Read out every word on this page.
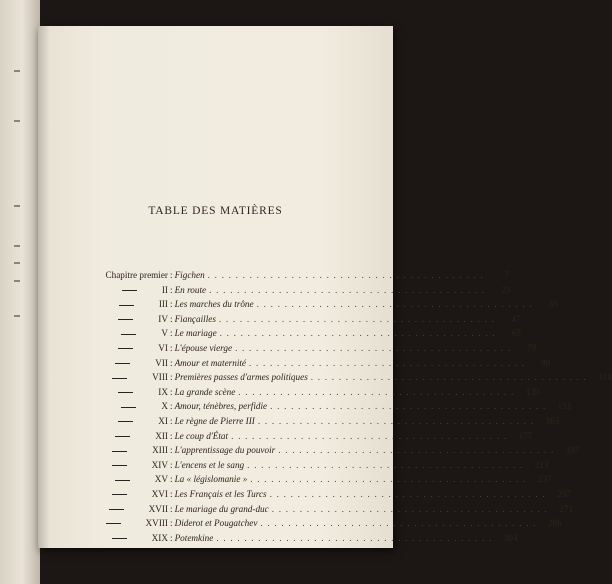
TABLE DES MATIÈRES
Chapitre premier : Figchen . . . . . . . . . . . . . . . . . . . . . . . . . . . . . . . . . . . . . . . .	7
II : En route . . . . . . . . . . . . . . . . . . . . . . . . . . . . . . . . . . . . . . . .	23
III : Les marches du trône . . . . . . . . . . . . . . . . . . . . . . . . . . . . . . . . . . . . . . . .	35
IV : Fiançailles . . . . . . . . . . . . . . . . . . . . . . . . . . . . . . . . . . . . . . . .	47
V : Le mariage . . . . . . . . . . . . . . . . . . . . . . . . . . . . . . . . . . . . . . . .	65
VI : L'épouse vierge . . . . . . . . . . . . . . . . . . . . . . . . . . . . . . . . . . . . . . . .	79
VII : Amour et maternité . . . . . . . . . . . . . . . . . . . . . . . . . . . . . . . . . . . . . . . .	99
VIII : Premières passes d'armes politiques . . . . . . . . . . . . . . . . . . . . . . . . . . . . . . . . . . . . . . . .	118
IX : La grande scène . . . . . . . . . . . . . . . . . . . . . . . . . . . . . . . . . . . . . . . .	139
X : Amour, ténèbres, perfidie . . . . . . . . . . . . . . . . . . . . . . . . . . . . . . . . . . . . . . . .	151
XI : Le règne de Pierre III . . . . . . . . . . . . . . . . . . . . . . . . . . . . . . . . . . . . . . . .	163
XII : Le coup d'État . . . . . . . . . . . . . . . . . . . . . . . . . . . . . . . . . . . . . . . .	177
XIII : L'apprentissage du pouvoir . . . . . . . . . . . . . . . . . . . . . . . . . . . . . . . . . . . . . . . .	197
XIV : L'encens et le sang . . . . . . . . . . . . . . . . . . . . . . . . . . . . . . . . . . . . . . . .	213
XV : La « législomanie » . . . . . . . . . . . . . . . . . . . . . . . . . . . . . . . . . . . . . . . .	237
XVI : Les Français et les Turcs . . . . . . . . . . . . . . . . . . . . . . . . . . . . . . . . . . . . . . . .	257
XVII : Le mariage du grand-duc . . . . . . . . . . . . . . . . . . . . . . . . . . . . . . . . . . . . . . . .	271
XVIII : Diderot et Pougatchev . . . . . . . . . . . . . . . . . . . . . . . . . . . . . . . . . . . . . . . .	286
XIX : Potemkine . . . . . . . . . . . . . . . . . . . . . . . . . . . . . . . . . . . . . . . .	304
